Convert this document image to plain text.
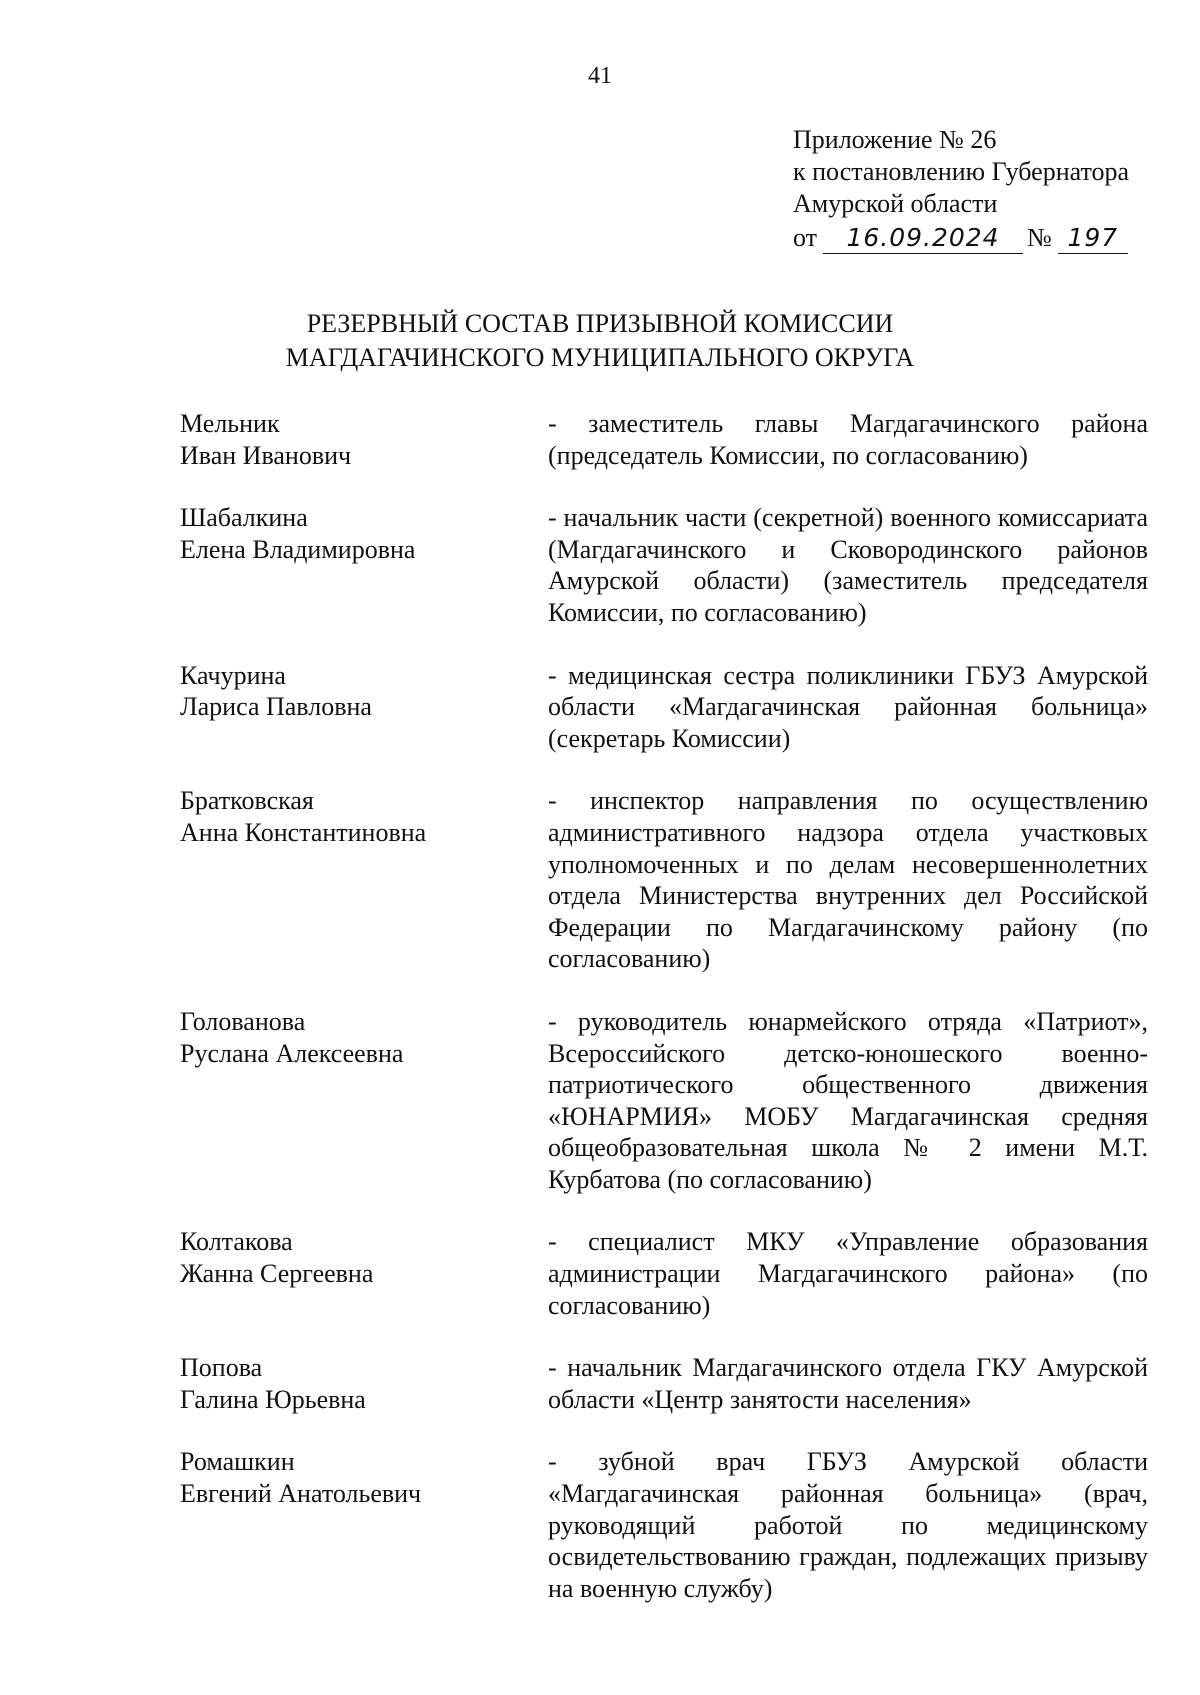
41
Приложение № 26
к постановлению Губернатора
Амурской области
от	16.09.2024	№ 197
РЕЗЕРВНЫЙ СОСТАВ ПРИЗЫВНОЙ КОМИССИИ
МАГДАГАЧИНСКОГО МУНИЦИПАЛЬНОГО ОКРУГА
Мельник
Иван Иванович
- заместитель главы Магдагачинского района (председатель Комиссии, по согласованию)
Шабалкина
Елена Владимировна
- начальник части (секретной) военного комиссариата (Магдагачинского и Сковородинского районов Амурской области) (заместитель председателя Комиссии, по согласованию)
Качурина
Лариса Павловна
- медицинская сестра поликлиники ГБУЗ Амурской области «Магдагачинская районная больница» (секретарь Комиссии)
Братковская
Анна Константиновна
- инспектор направления по осуществлению административного надзора отдела участковых уполномоченных и по делам несовершеннолетних отдела Министерства внутренних дел Российской Федерации по Магдагачинскому району (по согласованию)
Голованова
Руслана Алексеевна
- руководитель юнармейского отряда «Патриот», Всероссийского детско-юношеского военно-патриотического общественного движения «ЮНАРМИЯ» МОБУ Магдагачинская средняя общеобразовательная школа № 2 имени М.Т. Курбатова (по согласованию)
Колтакова
Жанна Сергеевна
- специалист МКУ «Управление образования администрации Магдагачинского района» (по согласованию)
Попова
Галина Юрьевна
- начальник Магдагачинского отдела ГКУ Амурской области «Центр занятости населения»
Ромашкин
Евгений Анатольевич
- зубной врач ГБУЗ Амурской области «Магдагачинская районная больница» (врач, руководящий работой по медицинскому освидетельствованию граждан, подлежащих призыву на военную службу)
